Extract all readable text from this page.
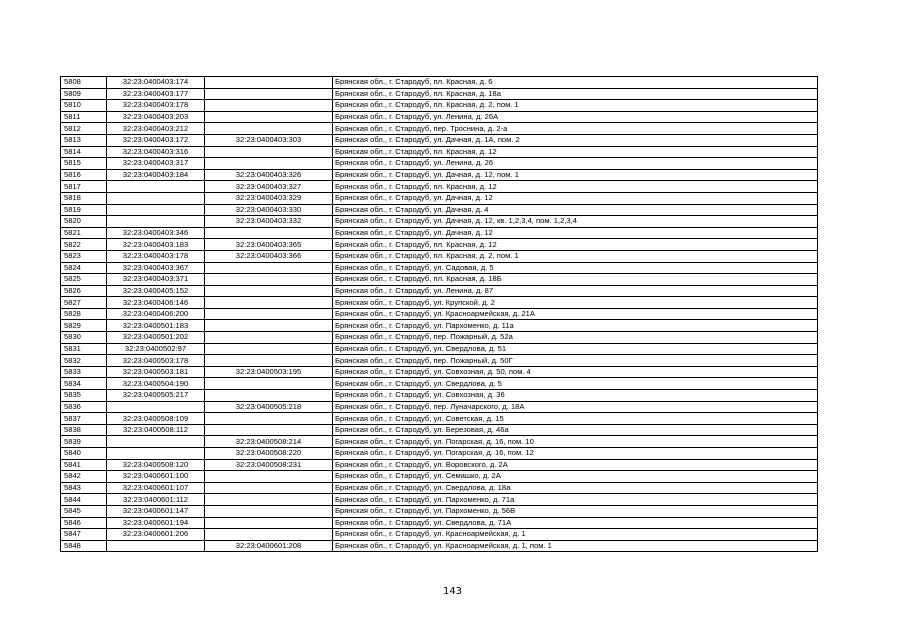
5808	32:23:0400403:174		Брянская обл., г. Стародуб, пл. Красная, д. 6
5809	32:23:0400403:177		Брянская обл., г. Стародуб, пл. Красная, д. 18а
5810	32:23:0400403:178		Брянская обл., г. Стародуб, пл. Красная, д. 2, пом. 1
5811	32:23:0400403:203		Брянская обл., г. Стародуб, ул. Ленина, д. 26А
5812	32:23:0400403:212		Брянская обл., г. Стародуб, пер. Троснина, д. 2-а
5813	32:23:0400403:172	32:23:0400403:303	Брянская обл., г. Стародуб, ул. Дачная, д. 1А, пом. 2
5814	32:23:0400403:316		Брянская обл., г. Стародуб, пл. Красная, д. 12
5815	32:23:0400403:317		Брянская обл., г. Стародуб, ул. Ленина, д. 26
5816	32:23:0400403:184	32:23:0400403:326	Брянская обл., г. Стародуб, ул. Дачная, д. 12, пом. 1
5817		32:23:0400403:327	Брянская обл., г. Стародуб, пл. Красная, д. 12
5818		32:23:0400403:329	Брянская обл., г. Стародуб, ул. Дачная, д. 12
5819		32:23:0400403:330	Брянская обл., г. Стародуб, ул. Дачная, д. 4
5820		32:23:0400403:332	Брянская обл., г. Стародуб, ул. Дачная, д. 12, кв. 1,2,3,4, пом. 1,2,3,4
5821	32:23:0400403:346		Брянская обл., г. Стародуб, ул. Дачная, д. 12
5822	32:23:0400403:183	32:23:0400403:365	Брянская обл., г. Стародуб, пл. Красная, д. 12
5823	32:23:0400403:178	32:23:0400403:366	Брянская обл., г. Стародуб, пл. Красная, д. 2, пом. 1
5824	32:23:0400403:367		Брянская обл., г. Стародуб, ул. Садовая, д. 5
5825	32:23:0400403:371		Брянская обл., г. Стародуб, пл. Красная, д. 18Б
5826	32:23:0400405:152		Брянская обл., г. Стародуб, ул. Ленина, д. 87
5827	32:23:0400406:146		Брянская обл., г. Стародуб, ул. Крупской, д. 2
5828	32:23:0400406:200		Брянская обл., г. Стародуб, ул. Красноармейская, д. 21А
5829	32:23:0400501:183		Брянская обл., г. Стародуб, ул. Пархоменко, д. 11а
5830	32:23:0400501:202		Брянская обл., г. Стародуб, пер. Пожарный, д. 52а
5831	32:23:0400502:97		Брянская обл., г. Стародуб, ул. Свердлова, д. 51
5832	32:23:0400503:178		Брянская обл., г. Стародуб, пер. Пожарный, д. 50Г
5833	32:23:0400503:181	32:23:0400503:195	Брянская обл., г. Стародуб, ул. Совхозная, д. 50, пом. 4
5834	32:23:0400504:190		Брянская обл., г. Стародуб, ул. Свердлова, д. 5
5835	32:23:0400505:217		Брянская обл., г. Стародуб, ул. Совхозная, д. 36
5836		32:23:0400505:218	Брянская обл., г. Стародуб, пер. Луначарского, д. 18А
5837	32:23:0400508:109		Брянская обл., г. Стародуб, ул. Советская, д. 15
5838	32:23:0400508:112		Брянская обл., г. Стародуб, ул. Березовая, д. 46а
5839		32:23:0400508:214	Брянская обл., г. Стародуб, ул. Погарская, д. 16, пом. 10
5840		32:23:0400508:220	Брянская обл., г. Стародуб, ул. Погарская, д. 16, пом. 12
5841	32:23:0400508:120	32:23:0400508:231	Брянская обл., г. Стародуб, ул. Воровского, д. 2А
5842	32:23:0400601:100		Брянская обл., г. Стародуб, ул. Семашко, д. 2А
5843	32:23:0400601:107		Брянская обл., г. Стародуб, ул. Свердлова, д. 18а
5844	32:23:0400601:112		Брянская обл., г. Стародуб, ул. Пархоменко, д. 71а
5845	32:23:0400601:147		Брянская обл., г. Стародуб, ул. Пархоменко, д. 56В
5846	32:23:0400601:194		Брянская обл., г. Стародуб, ул. Свердлова, д. 71А
5847	32:23:0400601:206		Брянская обл., г. Стародуб, ул. Красноармейская, д. 1
5848		32:23:0400601:208	Брянская обл., г. Стародуб, ул. Красноармейская, д. 1, пом. 1
143
